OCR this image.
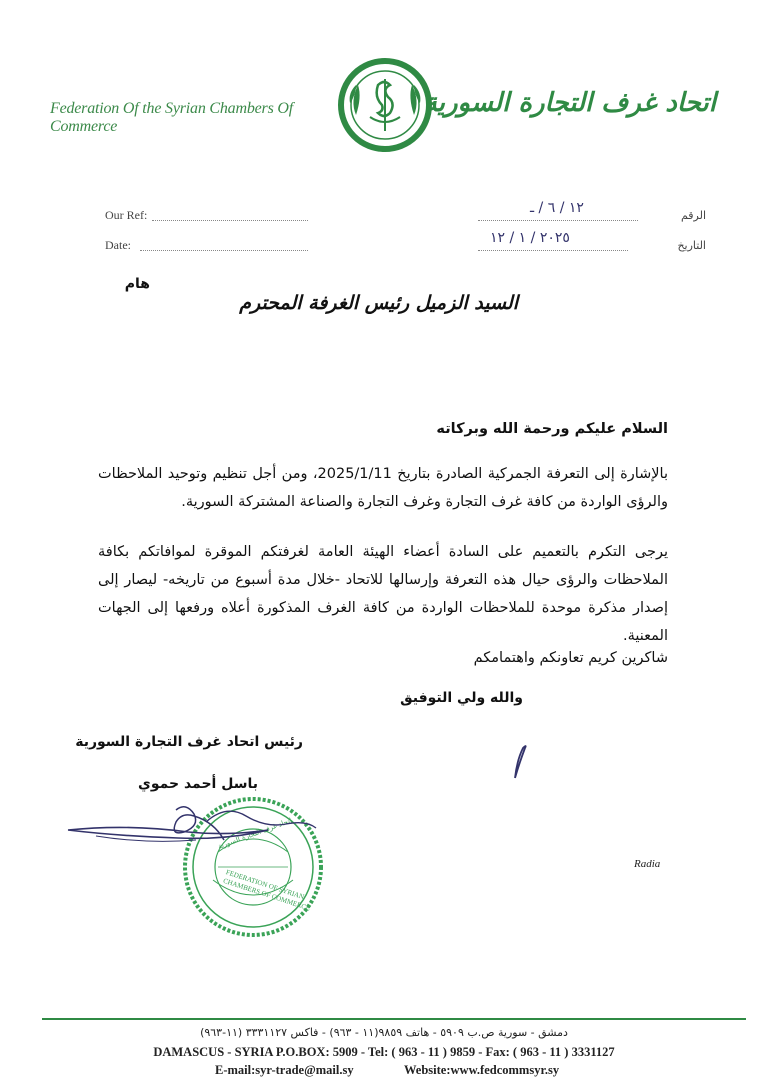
Federation Of the Syrian Chambers Of Commerce
اتحاد غرف التجارة السورية
Our Ref:
Date:
الرقم
١٢ / ٦ / ـ
التاريخ
٢٠٢٥ / ١ / ١٢
هام
السيد الزميل رئيس الغرفة المحترم
السلام عليكم ورحمة الله وبركاته
بالإشارة إلى التعرفة الجمركية الصادرة بتاريخ 2025/1/11، ومن أجل تنظيم وتوحيد الملاحظات والرؤى الواردة من كافة غرف التجارة وغرف التجارة والصناعة المشتركة السورية.
يرجى التكرم بالتعميم على السادة أعضاء الهيئة العامة لغرفتكم الموقرة لموافاتكم بكافة الملاحظات والرؤى حيال هذه التعرفة وإرسالها للاتحاد -خلال مدة أسبوع من تاريخه- ليصار إلى إصدار مذكرة موحدة للملاحظات الواردة من كافة الغرف المذكورة أعلاه ورفعها إلى الجهات المعنية.
شاكرين كريم تعاونكم واهتمامكم
والله ولي التوفيق
رئيس اتحاد غرف التجارة السورية
باسل أحمد حموي
FEDERATION OF SYRIAN CHAMBERS OF COMMERCE
اتحاد غرف التجارة السورية
Radia
دمشق - سورية ص.ب ٥٩٠٩ - هاتف ٩٨٥٩(١١ - ٩٦٣) - فاكس ٣٣٣١١٢٧ (١١-٩٦٣)
DAMASCUS - SYRIA P.O.BOX: 5909 - Tel: ( 963 - 11 ) 9859 - Fax: ( 963 - 11 ) 3331127
E-mail:syr-trade@mail.sy	Website:www.fedcommsyr.sy
